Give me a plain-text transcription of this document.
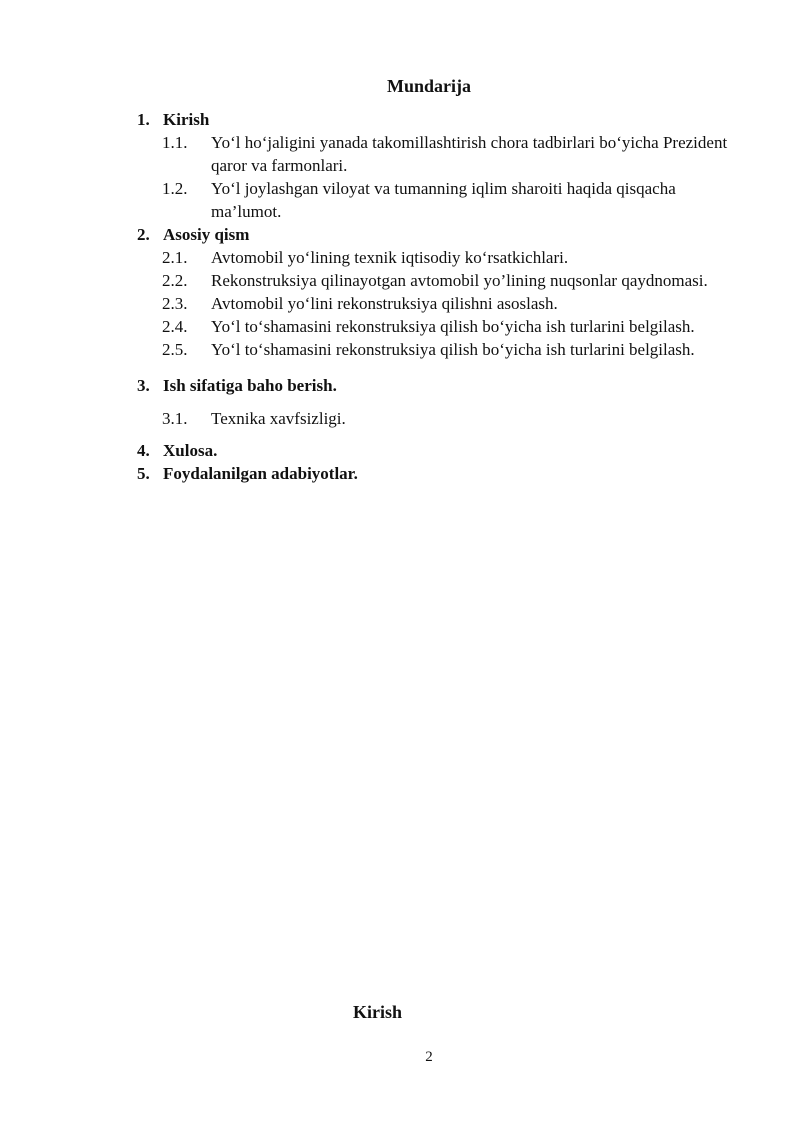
Mundarija
1. Kirish
1.1.	Yo‘l ho‘jaligini yanada takomillashtirish chora tadbirlari bo‘yicha Prezident qaror va farmonlari.
1.2.	Yo‘l joylashgan viloyat va tumanning iqlim sharoiti haqida qisqacha ma’lumot.
2. Asosiy qism
2.1.	Avtomobil yo‘lining texnik iqtisodiy ko‘rsatkichlari.
2.2.	Rekonstruksiya qilinayotgan avtomobil yo’lining nuqsonlar qaydnomasi.
2.3.	Avtomobil yo‘lini rekonstruksiya qilishni asoslash.
2.4.	Yo‘l to‘shamasini rekonstruksiya qilish bo‘yicha ish turlarini belgilash.
2.5.	Yo‘l to‘shamasini rekonstruksiya qilish bo‘yicha ish turlarini belgilash.
3. Ish sifatiga baho berish.
3.1.	Texnika xavfsizligi.
4. Xulosa.
5. Foydalanilgan adabiyotlar.
Kirish
2
